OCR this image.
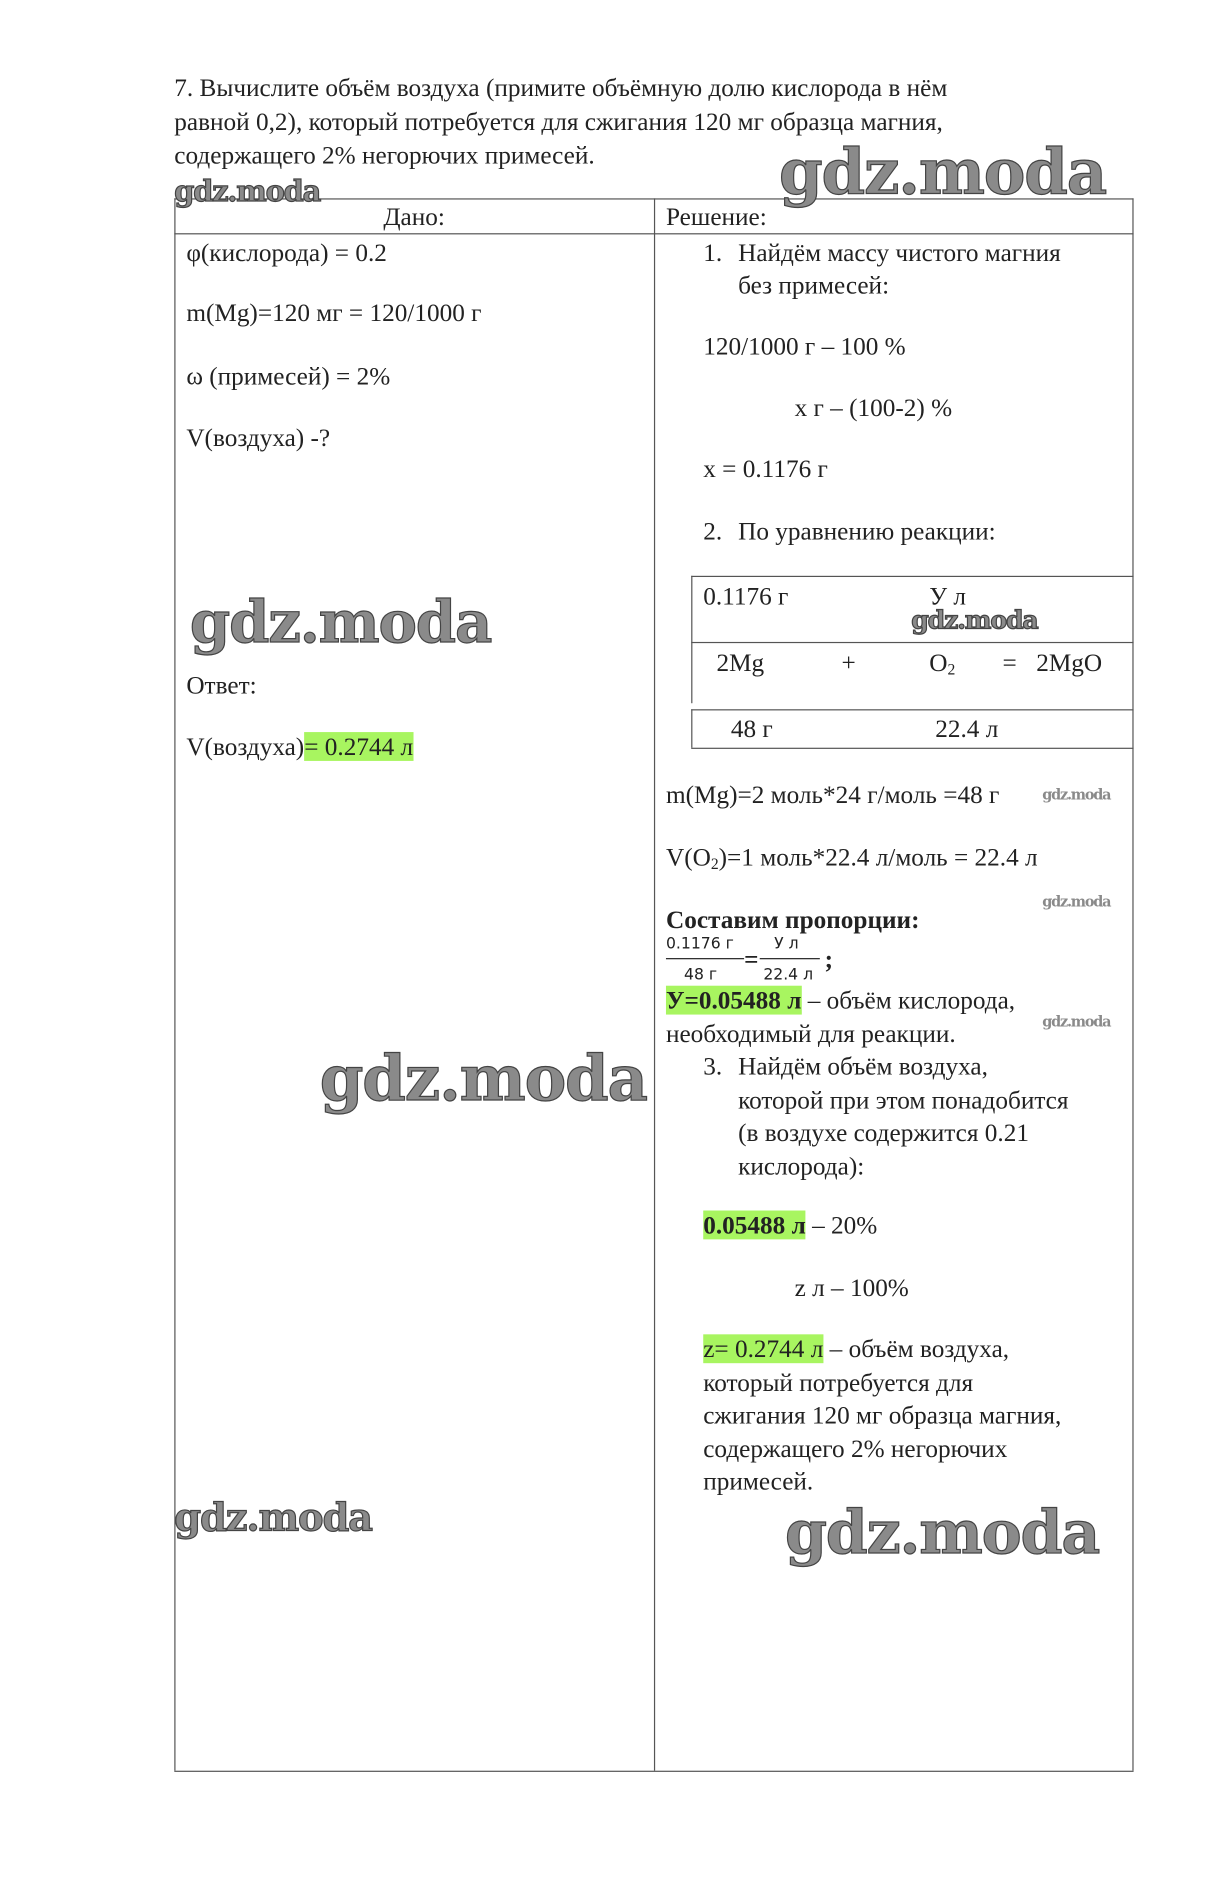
7. Вычислите объём воздуха (примите объёмную долю кислорода в нём
равной 0,2), который потребуется для сжигания 120 мг образца магния,
содержащего 2% негорючих примесей.
Дано:	Решение:
φ(кислорода) = 0.2
m(Mg)=120 мг = 120/1000 г
ω (примесей) = 2%
V(воздуха) -?
Ответ:
V(воздуха)= 0.2744 л
1. Найдём массу чистого магния
без примесей:
120/1000 г – 100 %
x г – (100-2) %
x = 0.1176 г
2. По уравнению реакции:
0.1176 г	У л
2Mg	+	$O_2 = 2MgO$
48 г	22.4 л
m(Mg)=2 моль*24 г/моль =48 г
$V(O_2)=1$ моль*22.4 л/моль = 22.4 л
Составим пропорции:
0.1176 г
48 г
=
У л
22.4 л
;
У=0.05488 л – объём кислорода,
необходимый для реакции.
3. Найдём объём воздуха,
которой при этом понадобится
(в воздухе содержится 0.21
кислорода):
0.05488 л – 20%
z л – 100%
z= 0.2744 л – объём воздуха,
который потребуется для
сжигания 120 мг образца магния,
содержащего 2% негорючих
примесей.
gdz.moda
gdz.moda
gdz.moda	gdz.moda
gdz.moda
gdz.moda
gdz.moda
gdz.moda
gdz.moda	gdz.moda
